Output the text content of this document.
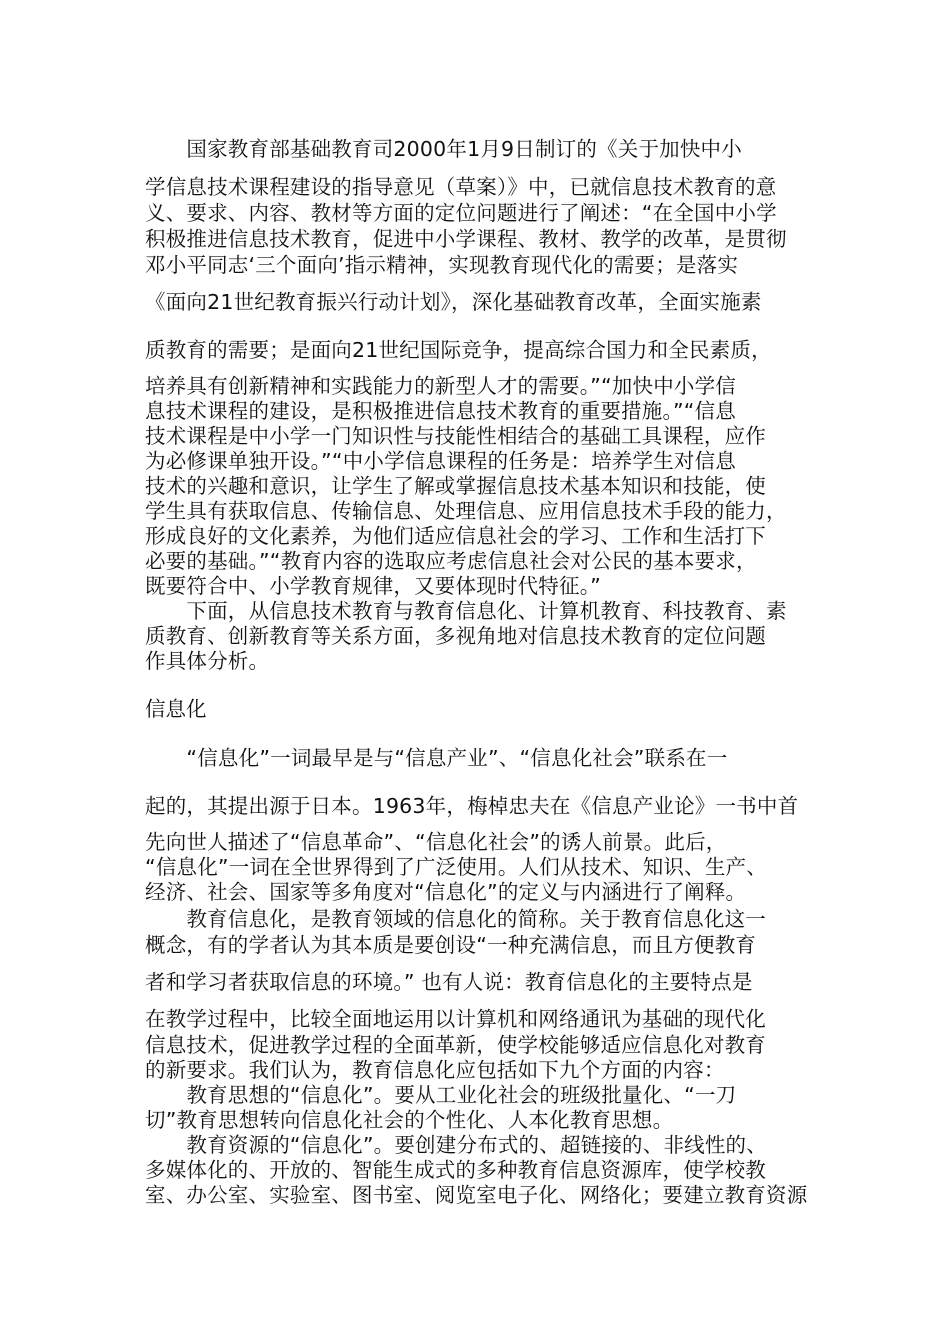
　　国家教育部基础教育司2000年1月9日制订的《关于加快中小
学信息技术课程建设的指导意见（草案）》中，已就信息技术教育的意
义、要求、内容、教材等方面的定位问题进行了阐述：“在全国中小学
积极推进信息技术教育，促进中小学课程、教材、教学的改革，是贯彻
邓小平同志‘三个面向’指示精神，实现教育现代化的需要；是落实
《面向21世纪教育振兴行动计划》，深化基础教育改革，全面实施素
质教育的需要；是面向21世纪国际竞争，提高综合国力和全民素质，
培养具有创新精神和实践能力的新型人才的需要。”“加快中小学信
息技术课程的建设，是积极推进信息技术教育的重要措施。”“信息
技术课程是中小学一门知识性与技能性相结合的基础工具课程，应作
为必修课单独开设。”“中小学信息课程的任务是：培养学生对信息
技术的兴趣和意识，让学生了解或掌握信息技术基本知识和技能，使
学生具有获取信息、传输信息、处理信息、应用信息技术手段的能力，
形成良好的文化素养，为他们适应信息社会的学习、工作和生活打下
必要的基础。”“教育内容的选取应考虑信息社会对公民的基本要求，
既要符合中、小学教育规律，又要体现时代特征。”
　　下面，从信息技术教育与教育信息化、计算机教育、科技教育、素
质教育、创新教育等关系方面，多视角地对信息技术教育的定位问题
作具体分析。
信息化
　　“信息化”一词最早是与“信息产业”、“信息化社会”联系在一
起的，其提出源于日本。1963年，梅棹忠夫在《信息产业论》一书中首
先向世人描述了“信息革命”、“信息化社会”的诱人前景。此后，
“信息化”一词在全世界得到了广泛使用。人们从技术、知识、生产、
经济、社会、国家等多角度对“信息化”的定义与内涵进行了阐释。
　　教育信息化，是教育领域的信息化的简称。关于教育信息化这一
概念，有的学者认为其本质是要创设“一种充满信息，而且方便教育
者和学习者获取信息的环境。” 也有人说：教育信息化的主要特点是
在教学过程中，比较全面地运用以计算机和网络通讯为基础的现代化
信息技术，促进教学过程的全面革新，使学校能够适应信息化对教育
的新要求。我们认为，教育信息化应包括如下九个方面的内容：
　　教育思想的“信息化”。要从工业化社会的班级批量化、“一刀
切”教育思想转向信息化社会的个性化、人本化教育思想。
　　教育资源的“信息化”。要创建分布式的、超链接的、非线性的、
多媒体化的、开放的、智能生成式的多种教育信息资源库，使学校教
室、办公室、实验室、图书室、阅览室电子化、网络化；要建立教育资源
